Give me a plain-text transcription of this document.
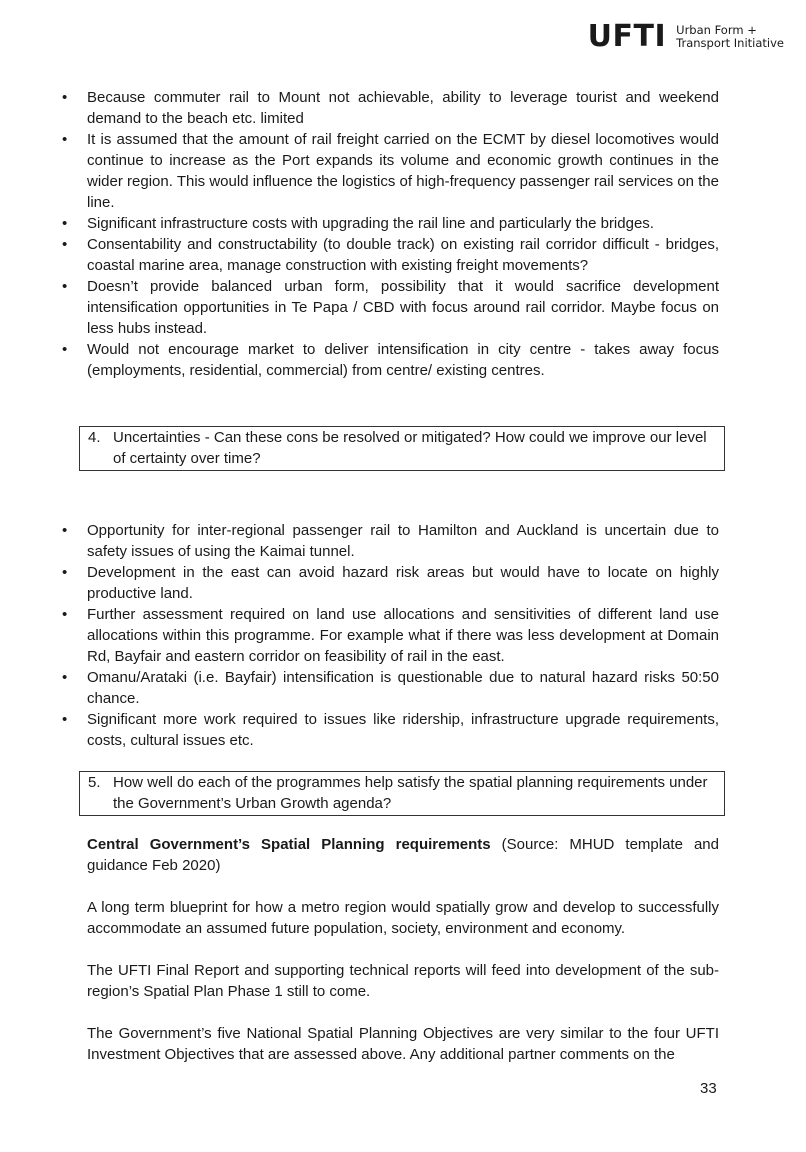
UFTI Urban Form +
Transport Initiative
• Because commuter rail to Mount not achievable, ability to leverage tourist and weekend demand to the beach etc. limited
• It is assumed that the amount of rail freight carried on the ECMT by diesel locomotives would continue to increase as the Port expands its volume and economic growth continues in the wider region. This would influence the logistics of high-frequency passenger rail services on the line.
• Significant infrastructure costs with upgrading the rail line and particularly the bridges.
• Consentability and constructability (to double track) on existing rail corridor difficult - bridges, coastal marine area, manage construction with existing freight movements?
• Doesn’t provide balanced urban form, possibility that it would sacrifice development intensification opportunities in Te Papa / CBD with focus around rail corridor. Maybe focus on less hubs instead.
• Would not encourage market to deliver intensification in city centre - takes away focus (employments, residential, commercial) from centre/ existing centres.
4. Uncertainties - Can these cons be resolved or mitigated? How could we improve our level of certainty over time?
• Opportunity for inter-regional passenger rail to Hamilton and Auckland is uncertain due to safety issues of using the Kaimai tunnel.
• Development in the east can avoid hazard risk areas but would have to locate on highly productive land.
• Further assessment required on land use allocations and sensitivities of different land use allocations within this programme. For example what if there was less development at Domain Rd, Bayfair and eastern corridor on feasibility of rail in the east.
• Omanu/Arataki (i.e. Bayfair) intensification is questionable due to natural hazard risks 50:50 chance.
• Significant more work required to issues like ridership, infrastructure upgrade requirements, costs, cultural issues etc.
5. How well do each of the programmes help satisfy the spatial planning requirements under the Government’s Urban Growth agenda?

Central Government’s Spatial Planning requirements (Source: MHUD template and guidance Feb 2020)

A long term blueprint for how a metro region would spatially grow and develop to successfully accommodate an assumed future population, society, environment and economy.

The UFTI Final Report and supporting technical reports will feed into development of the sub-region’s Spatial Plan Phase 1 still to come.

The Government’s five National Spatial Planning Objectives are very similar to the four UFTI Investment Objectives that are assessed above. Any additional partner comments on the

33
